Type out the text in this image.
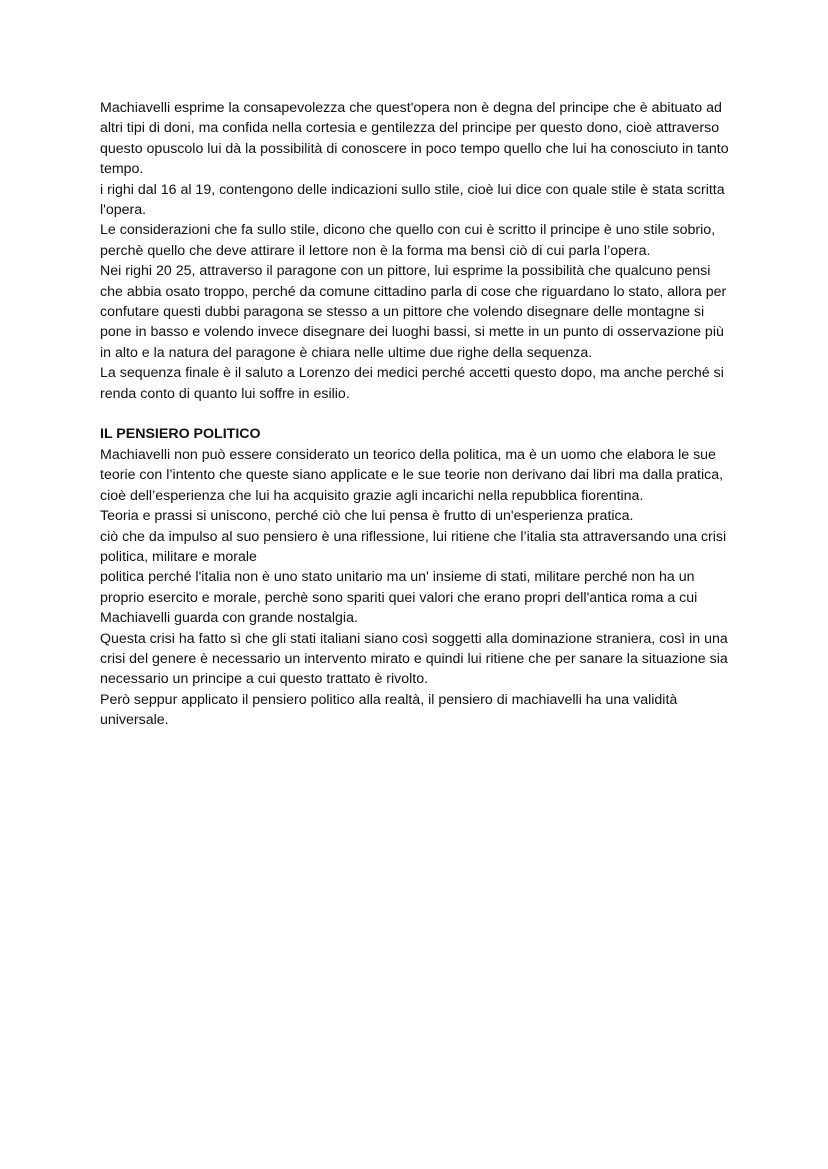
Machiavelli esprime la consapevolezza che quest'opera non è degna del principe che è abituato ad altri tipi di doni, ma confida nella cortesia e gentilezza del principe per questo dono, cioè attraverso questo opuscolo lui dà la possibilità di conoscere in poco tempo quello che lui ha conosciuto in tanto tempo.

i righi dal 16 al 19, contengono delle indicazioni sullo stile, cioè lui dice con quale stile è stata scritta l'opera.

Le considerazioni che fa sullo stile, dicono che quello con cui è scritto il principe è uno stile sobrio, perchè quello che deve attirare il lettore non è la forma ma bensì ciò di cui parla l’opera.

Nei righi 20 25, attraverso il paragone con un pittore, lui esprime la possibilità che qualcuno pensi che abbia osato troppo, perché da comune cittadino parla di cose che riguardano lo stato, allora per confutare questi dubbi paragona se stesso a un pittore che volendo disegnare delle montagne si pone in basso e volendo invece disegnare dei luoghi bassi, si mette in un punto di osservazione più in alto e la natura del paragone è chiara nelle ultime due righe della sequenza.

La sequenza finale è il saluto a Lorenzo dei medici perché accetti questo dopo, ma anche perché si renda conto di quanto lui soffre in esilio.

IL PENSIERO POLITICO

Machiavelli non può essere considerato un teorico della politica, ma è un uomo che elabora le sue teorie con l’intento che queste siano applicate e le sue teorie non derivano dai libri ma dalla pratica, cioè dell’esperienza che lui ha acquisito grazie agli incarichi nella repubblica fiorentina.

Teoria e prassi si uniscono, perché ciò che lui pensa è frutto di un'esperienza pratica.

ciò che da impulso al suo pensiero è una riflessione, lui ritiene che l’italia sta attraversando una crisi politica, militare e morale

politica perché l'italia non è uno stato unitario ma un' insieme di stati, militare perché non ha un proprio esercito e morale, perchè sono spariti quei valori che erano propri dell'antica roma a cui Machiavelli guarda con grande nostalgia.

Questa crisi ha fatto sì che gli stati italiani siano così soggetti alla dominazione straniera, così in una crisi del genere è necessario un intervento mirato e quindi lui ritiene che per sanare la situazione sia necessario un principe a cui questo trattato è rivolto.

Però seppur applicato il pensiero politico alla realtà, il pensiero di machiavelli ha una validità universale.
